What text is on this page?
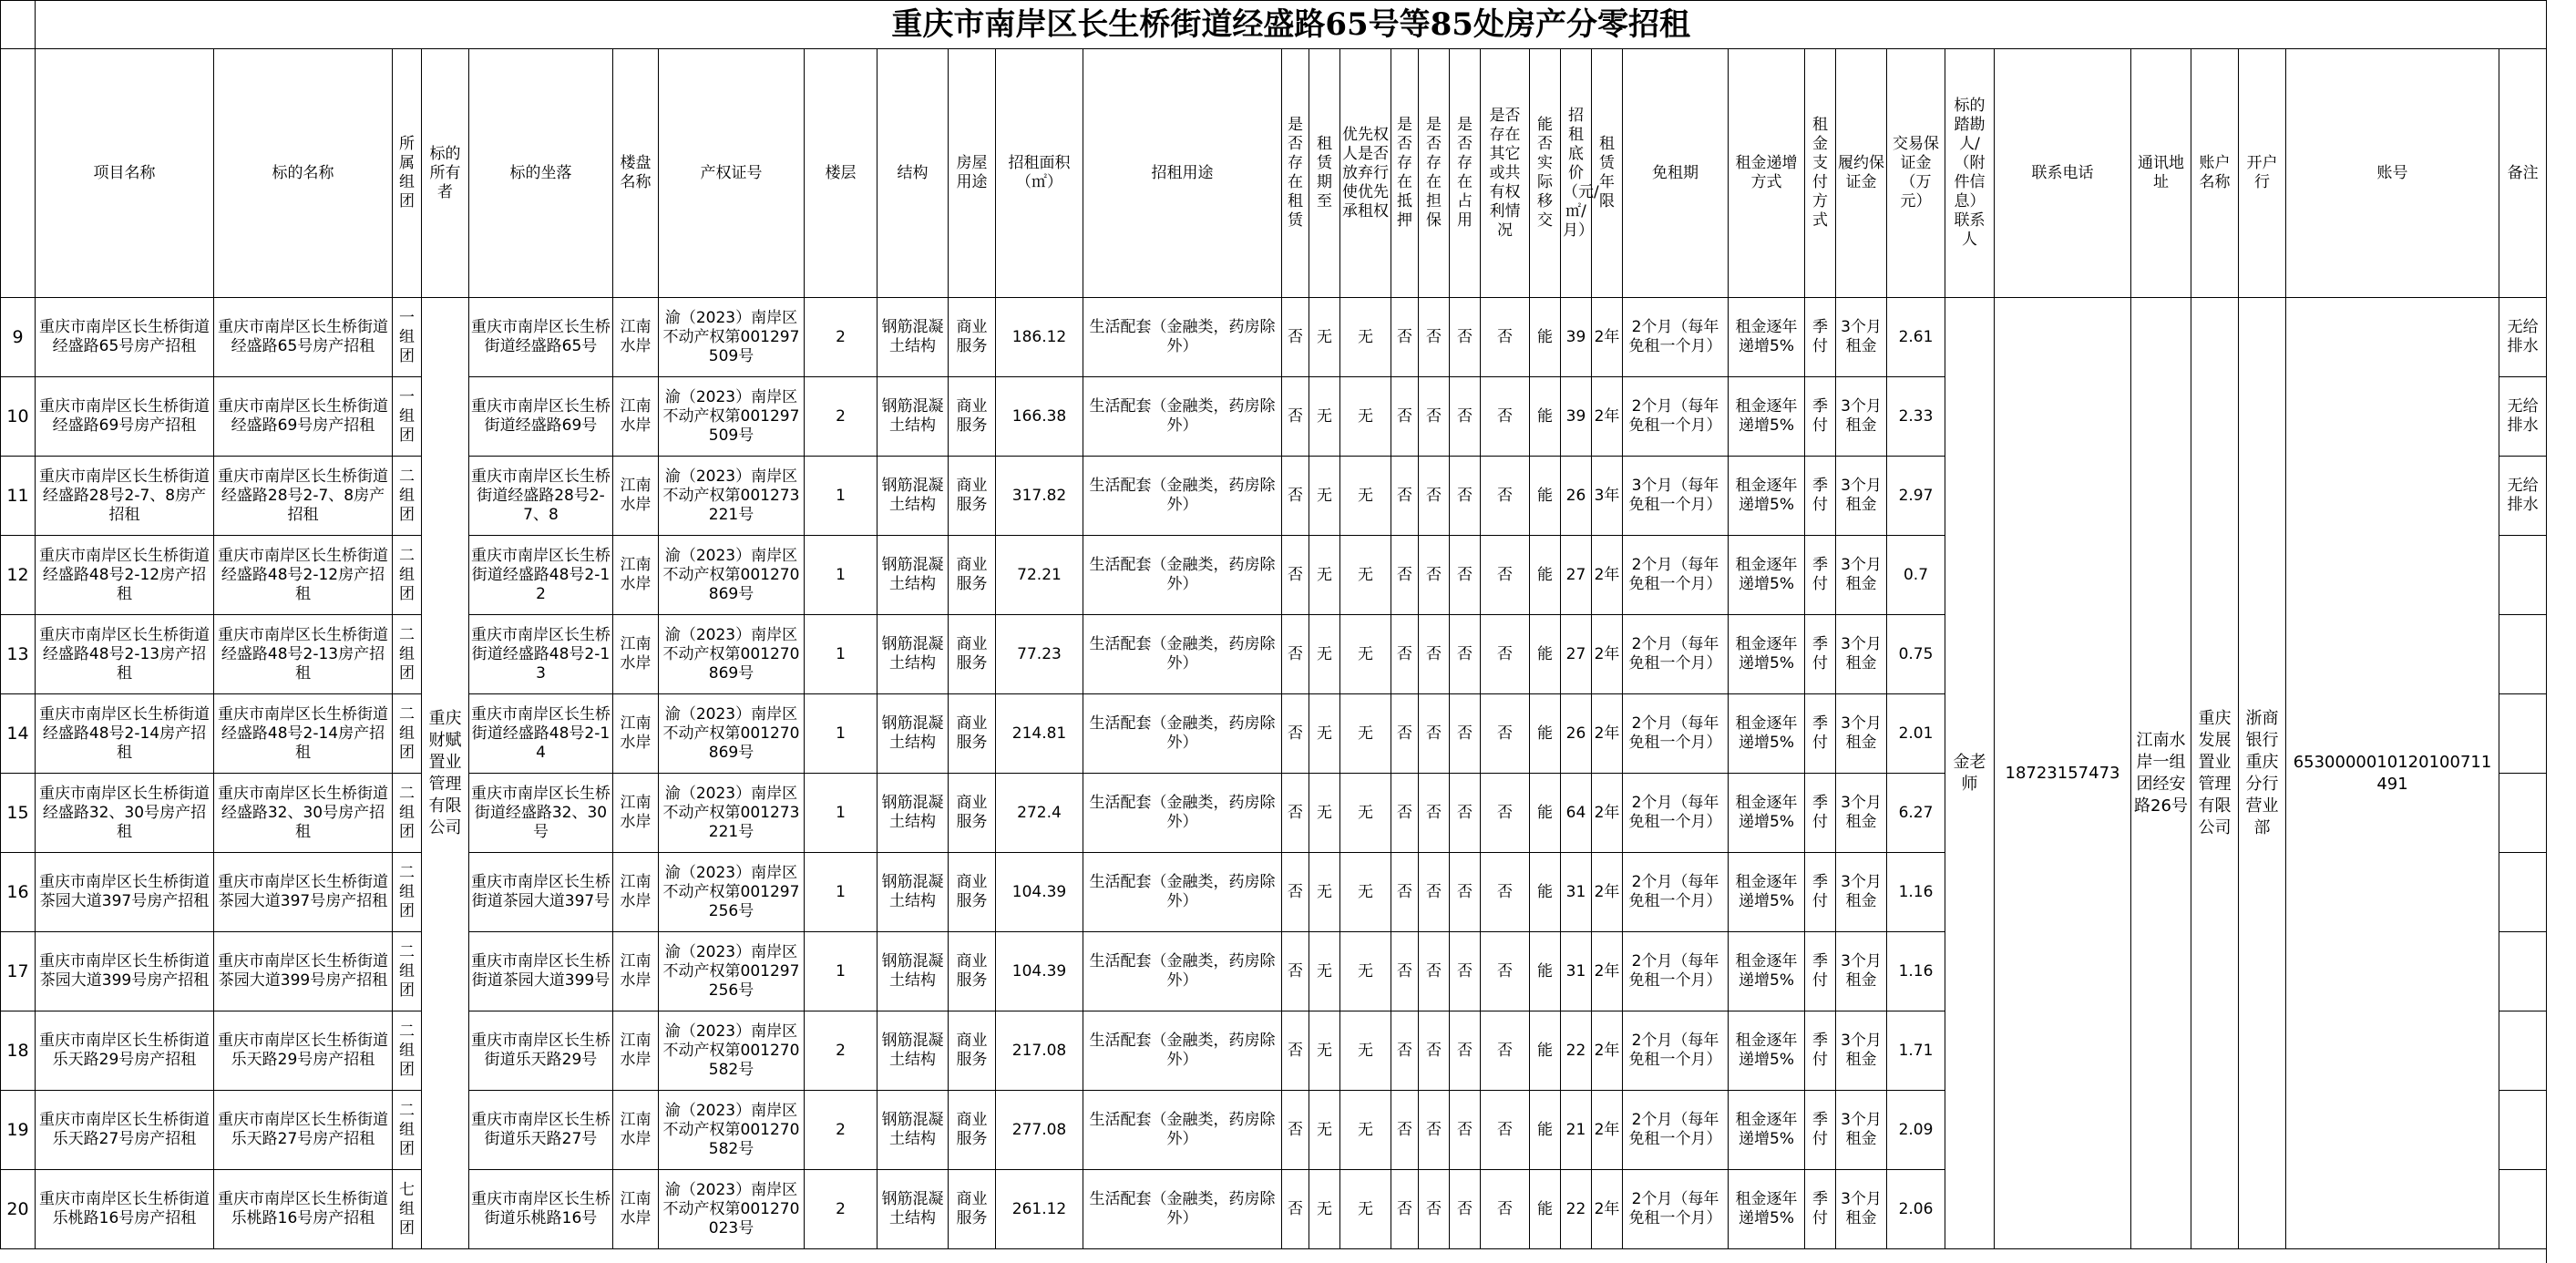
	重庆市南岸区长生桥街道经盛路65号等85处房产分零招租																																	
	项目名称	标的名称	所属组团	标的所有者	标的坐落	楼盘名称	产权证号	楼层	结构	房屋用途	招租面积（㎡）	招租用途	是否存在租赁	租赁期至	优先权人是否放弃行使优先承租权	是否存在抵押	是否存在担保	是否存在占用	是否存在其它或共有权利情况	能否实际移交	招租底价（元/㎡/月）	租赁年限	免租期	租金递增方式	租金支付方式	履约保证金	交易保证金（万元）	标的踏勘人/（附件信息）联系人	联系电话	通讯地址	账户名称	开户行	账号	备注
9	重庆市南岸区长生桥街道经盛路65号房产招租	重庆市南岸区长生桥街道经盛路65号房产招租	一组团	重庆财赋置业管理有限公司	重庆市南岸区长生桥街道经盛路65号	江南水岸	渝（2023）南岸区不动产权第001297509号	2	钢筋混凝土结构	商业服务	186.12	生活配套（金融类，药房除外）	否	无	无	否	否	否	否	能	39	2年	2个月（每年免租一个月）	租金逐年递增5%	季付	3个月租金	2.61	金老师	18723157473	江南水岸一组团经安路26号	重庆发展置业管理有限公司	浙商银行重庆分行营业部	653000001012010071149​1	无给排水
10	重庆市南岸区长生桥街道经盛路69号房产招租	重庆市南岸区长生桥街道经盛路69号房产招租	一组团		重庆市南岸区长生桥街道经盛路69号	江南水岸	渝（2023）南岸区不动产权第001297509号	2	钢筋混凝土结构	商业服务	166.38	生活配套（金融类，药房除外）	否	无	无	否	否	否	否	能	39	2年	2个月（每年免租一个月）	租金逐年递增5%	季付	3个月租金	2.33							无给排水
11	重庆市南岸区长生桥街道经盛路28号2-7、8房产招租	重庆市南岸区长生桥街道经盛路28号2-7、8房产招租	二组团		重庆市南岸区长生桥街道经盛路28号2-7、8	江南水岸	渝（2023）南岸区不动产权第001273221号	1	钢筋混凝土结构	商业服务	317.82	生活配套（金融类，药房除外）	否	无	无	否	否	否	否	能	26	3年	3个月（每年免租一个月）	租金逐年递增5%	季付	3个月租金	2.97							无给排水
12	重庆市南岸区长生桥街道经盛路48号2-12房产招租	重庆市南岸区长生桥街道经盛路48号2-12房产招租	二组团		重庆市南岸区长生桥街道经盛路48号2-12	江南水岸	渝（2023）南岸区不动产权第001270869号	1	钢筋混凝土结构	商业服务	72.21	生活配套（金融类，药房除外）	否	无	无	否	否	否	否	能	27	2年	2个月（每年免租一个月）	租金逐年递增5%	季付	3个月租金	0.7							
13	重庆市南岸区长生桥街道经盛路48号2-13房产招租	重庆市南岸区长生桥街道经盛路48号2-13房产招租	二组团		重庆市南岸区长生桥街道经盛路48号2-13	江南水岸	渝（2023）南岸区不动产权第001270869号	1	钢筋混凝土结构	商业服务	77.23	生活配套（金融类，药房除外）	否	无	无	否	否	否	否	能	27	2年	2个月（每年免租一个月）	租金逐年递增5%	季付	3个月租金	0.75							
14	重庆市南岸区长生桥街道经盛路48号2-14房产招租	重庆市南岸区长生桥街道经盛路48号2-14房产招租	二组团		重庆市南岸区长生桥街道经盛路48号2-14	江南水岸	渝（2023）南岸区不动产权第001270869号	1	钢筋混凝土结构	商业服务	214.81	生活配套（金融类，药房除外）	否	无	无	否	否	否	否	能	26	2年	2个月（每年免租一个月）	租金逐年递增5%	季付	3个月租金	2.01							
15	重庆市南岸区长生桥街道经盛路32、30号房产招租	重庆市南岸区长生桥街道经盛路32、30号房产招租	二组团		重庆市南岸区长生桥街道经盛路32、30号	江南水岸	渝（2023）南岸区不动产权第001273221号	1	钢筋混凝土结构	商业服务	272.4	生活配套（金融类，药房除外）	否	无	无	否	否	否	否	能	64	2年	2个月（每年免租一个月）	租金逐年递增5%	季付	3个月租金	6.27							
16	重庆市南岸区长生桥街道茶园大道397号房产招租	重庆市南岸区长生桥街道茶园大道397号房产招租	二组团		重庆市南岸区长生桥街道茶园大道397号	江南水岸	渝（2023）南岸区不动产权第001297256号	1	钢筋混凝土结构	商业服务	104.39	生活配套（金融类，药房除外）	否	无	无	否	否	否	否	能	31	2年	2个月（每年免租一个月）	租金逐年递增5%	季付	3个月租金	1.16							
17	重庆市南岸区长生桥街道茶园大道399号房产招租	重庆市南岸区长生桥街道茶园大道399号房产招租	二组团		重庆市南岸区长生桥街道茶园大道399号	江南水岸	渝（2023）南岸区不动产权第001297256号	1	钢筋混凝土结构	商业服务	104.39	生活配套（金融类，药房除外）	否	无	无	否	否	否	否	能	31	2年	2个月（每年免租一个月）	租金逐年递增5%	季付	3个月租金	1.16							
18	重庆市南岸区长生桥街道乐天路29号房产招租	重庆市南岸区长生桥街道乐天路29号房产招租	二组团		重庆市南岸区长生桥街道乐天路29号	江南水岸	渝（2023）南岸区不动产权第001270582号	2	钢筋混凝土结构	商业服务	217.08	生活配套（金融类，药房除外）	否	无	无	否	否	否	否	能	22	2年	2个月（每年免租一个月）	租金逐年递增5%	季付	3个月租金	1.71							
19	重庆市南岸区长生桥街道乐天路27号房产招租	重庆市南岸区长生桥街道乐天路27号房产招租	二组团		重庆市南岸区长生桥街道乐天路27号	江南水岸	渝（2023）南岸区不动产权第001270582号	2	钢筋混凝土结构	商业服务	277.08	生活配套（金融类，药房除外）	否	无	无	否	否	否	否	能	21	2年	2个月（每年免租一个月）	租金逐年递增5%	季付	3个月租金	2.09							
20	重庆市南岸区长生桥街道乐桃路16号房产招租	重庆市南岸区长生桥街道乐桃路16号房产招租	七组团		重庆市南岸区长生桥街道乐桃路16号	江南水岸	渝（2023）南岸区不动产权第001270023号	2	钢筋混凝土结构	商业服务	261.12	生活配套（金融类，药房除外）	否	无	无	否	否	否	否	能	22	2年	2个月（每年免租一个月）	租金逐年递增5%	季付	3个月租金	2.06							
